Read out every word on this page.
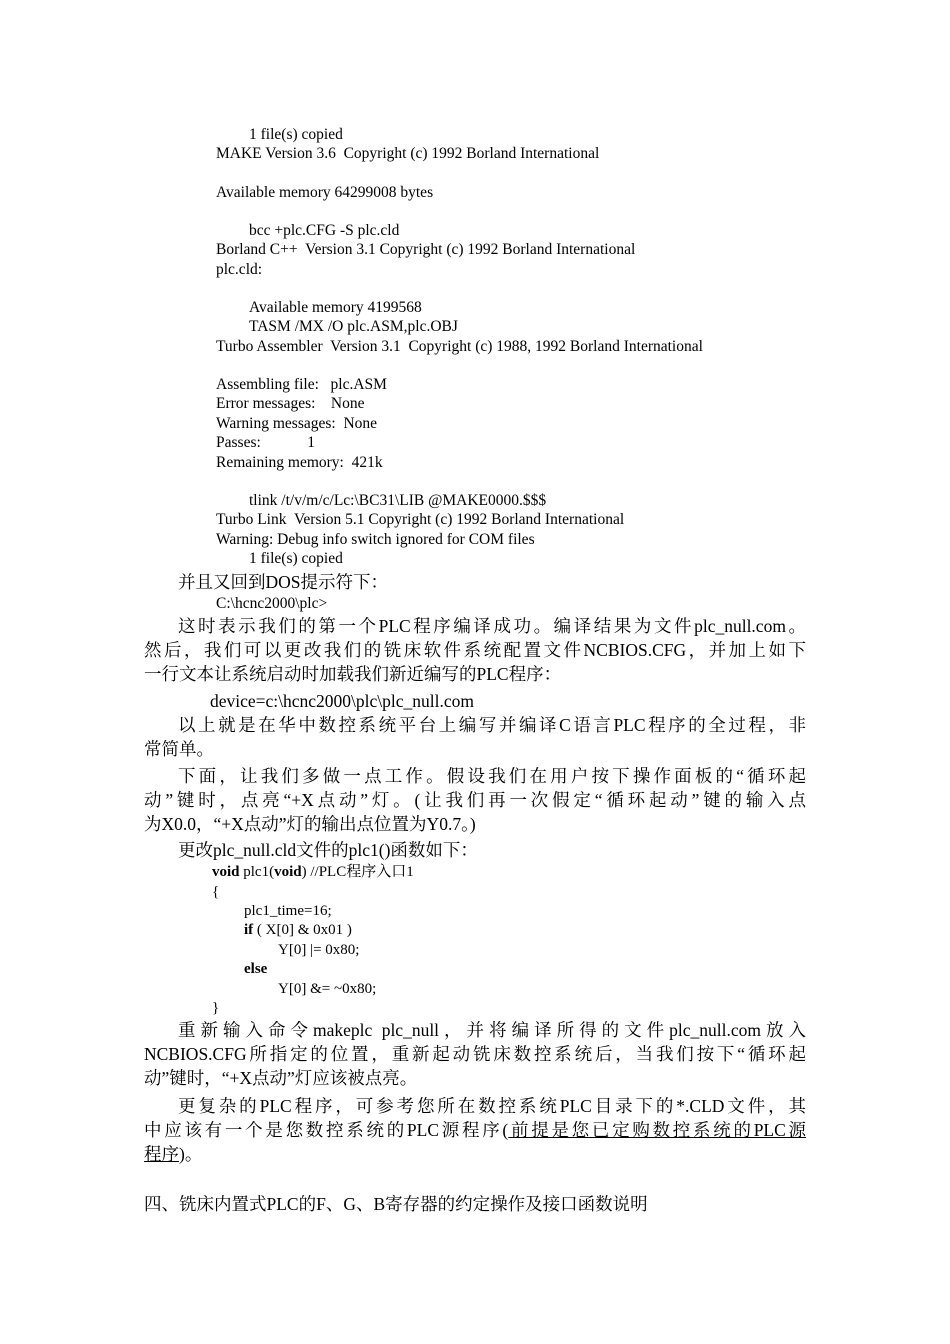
1 file(s) copied

MAKE Version 3.6  Copyright (c) 1992 Borland International

Available memory 64299008 bytes

bcc +plc.CFG -S plc.cld

Borland C++  Version 3.1 Copyright (c) 1992 Borland International

plc.cld:

Available memory 4199568

TASM /MX /O plc.ASM,plc.OBJ

Turbo Assembler  Version 3.1  Copyright (c) 1988, 1992 Borland International

Assembling file:   plc.ASM

Error messages:    None

Warning messages:  None

Passes:            1

Remaining memory:  421k

tlink /t/v/m/c/Lc:\BC31\LIB @MAKE0000.$$$

Turbo Link  Version 5.1 Copyright (c) 1992 Borland International

Warning: Debug info switch ignored for COM files

1 file(s) copied

并且又回到DOS提示符下：

C:\hcnc2000\plc>

这时表示我们的第一个PLC程序编译成功。编译结果为文件plc_null.com。

然后，我们可以更改我们的铣床软件系统配置文件NCBIOS.CFG，并加上如下

一行文本让系统启动时加载我们新近编写的PLC程序：

device=c:\hcnc2000\plc\plc_null.com

以上就是在华中数控系统平台上编写并编译C语言PLC程序的全过程，非

常简单。

下面，让我们多做一点工作。假设我们在用户按下操作面板的“循环起

动”键时，点亮“+X点动”灯。(让我们再一次假定“循环起动”键的输入点

为X0.0，“+X点动”灯的输出点位置为Y0.7。)

更改plc_null.cld文件的plc1()函数如下：

void plc1(void) //PLC程序入口1

{

plc1_time=16;

if ( X[0] & 0x01 )

Y[0] |= 0x80;

else

Y[0] &= ~0x80;

}

重新输入命令makeplc plc_null，并将编译所得的文件plc_null.com放入

NCBIOS.CFG所指定的位置，重新起动铣床数控系统后，当我们按下“循环起

动”键时，“+X点动”灯应该被点亮。

更复杂的PLC程序，可参考您所在数控系统PLC目录下的*.CLD文件，其

中应该有一个是您数控系统的PLC源程序(前提是您已定购数控系统的PLC源

程序)。

四、铣床内置式PLC的F、G、B寄存器的约定操作及接口函数说明
